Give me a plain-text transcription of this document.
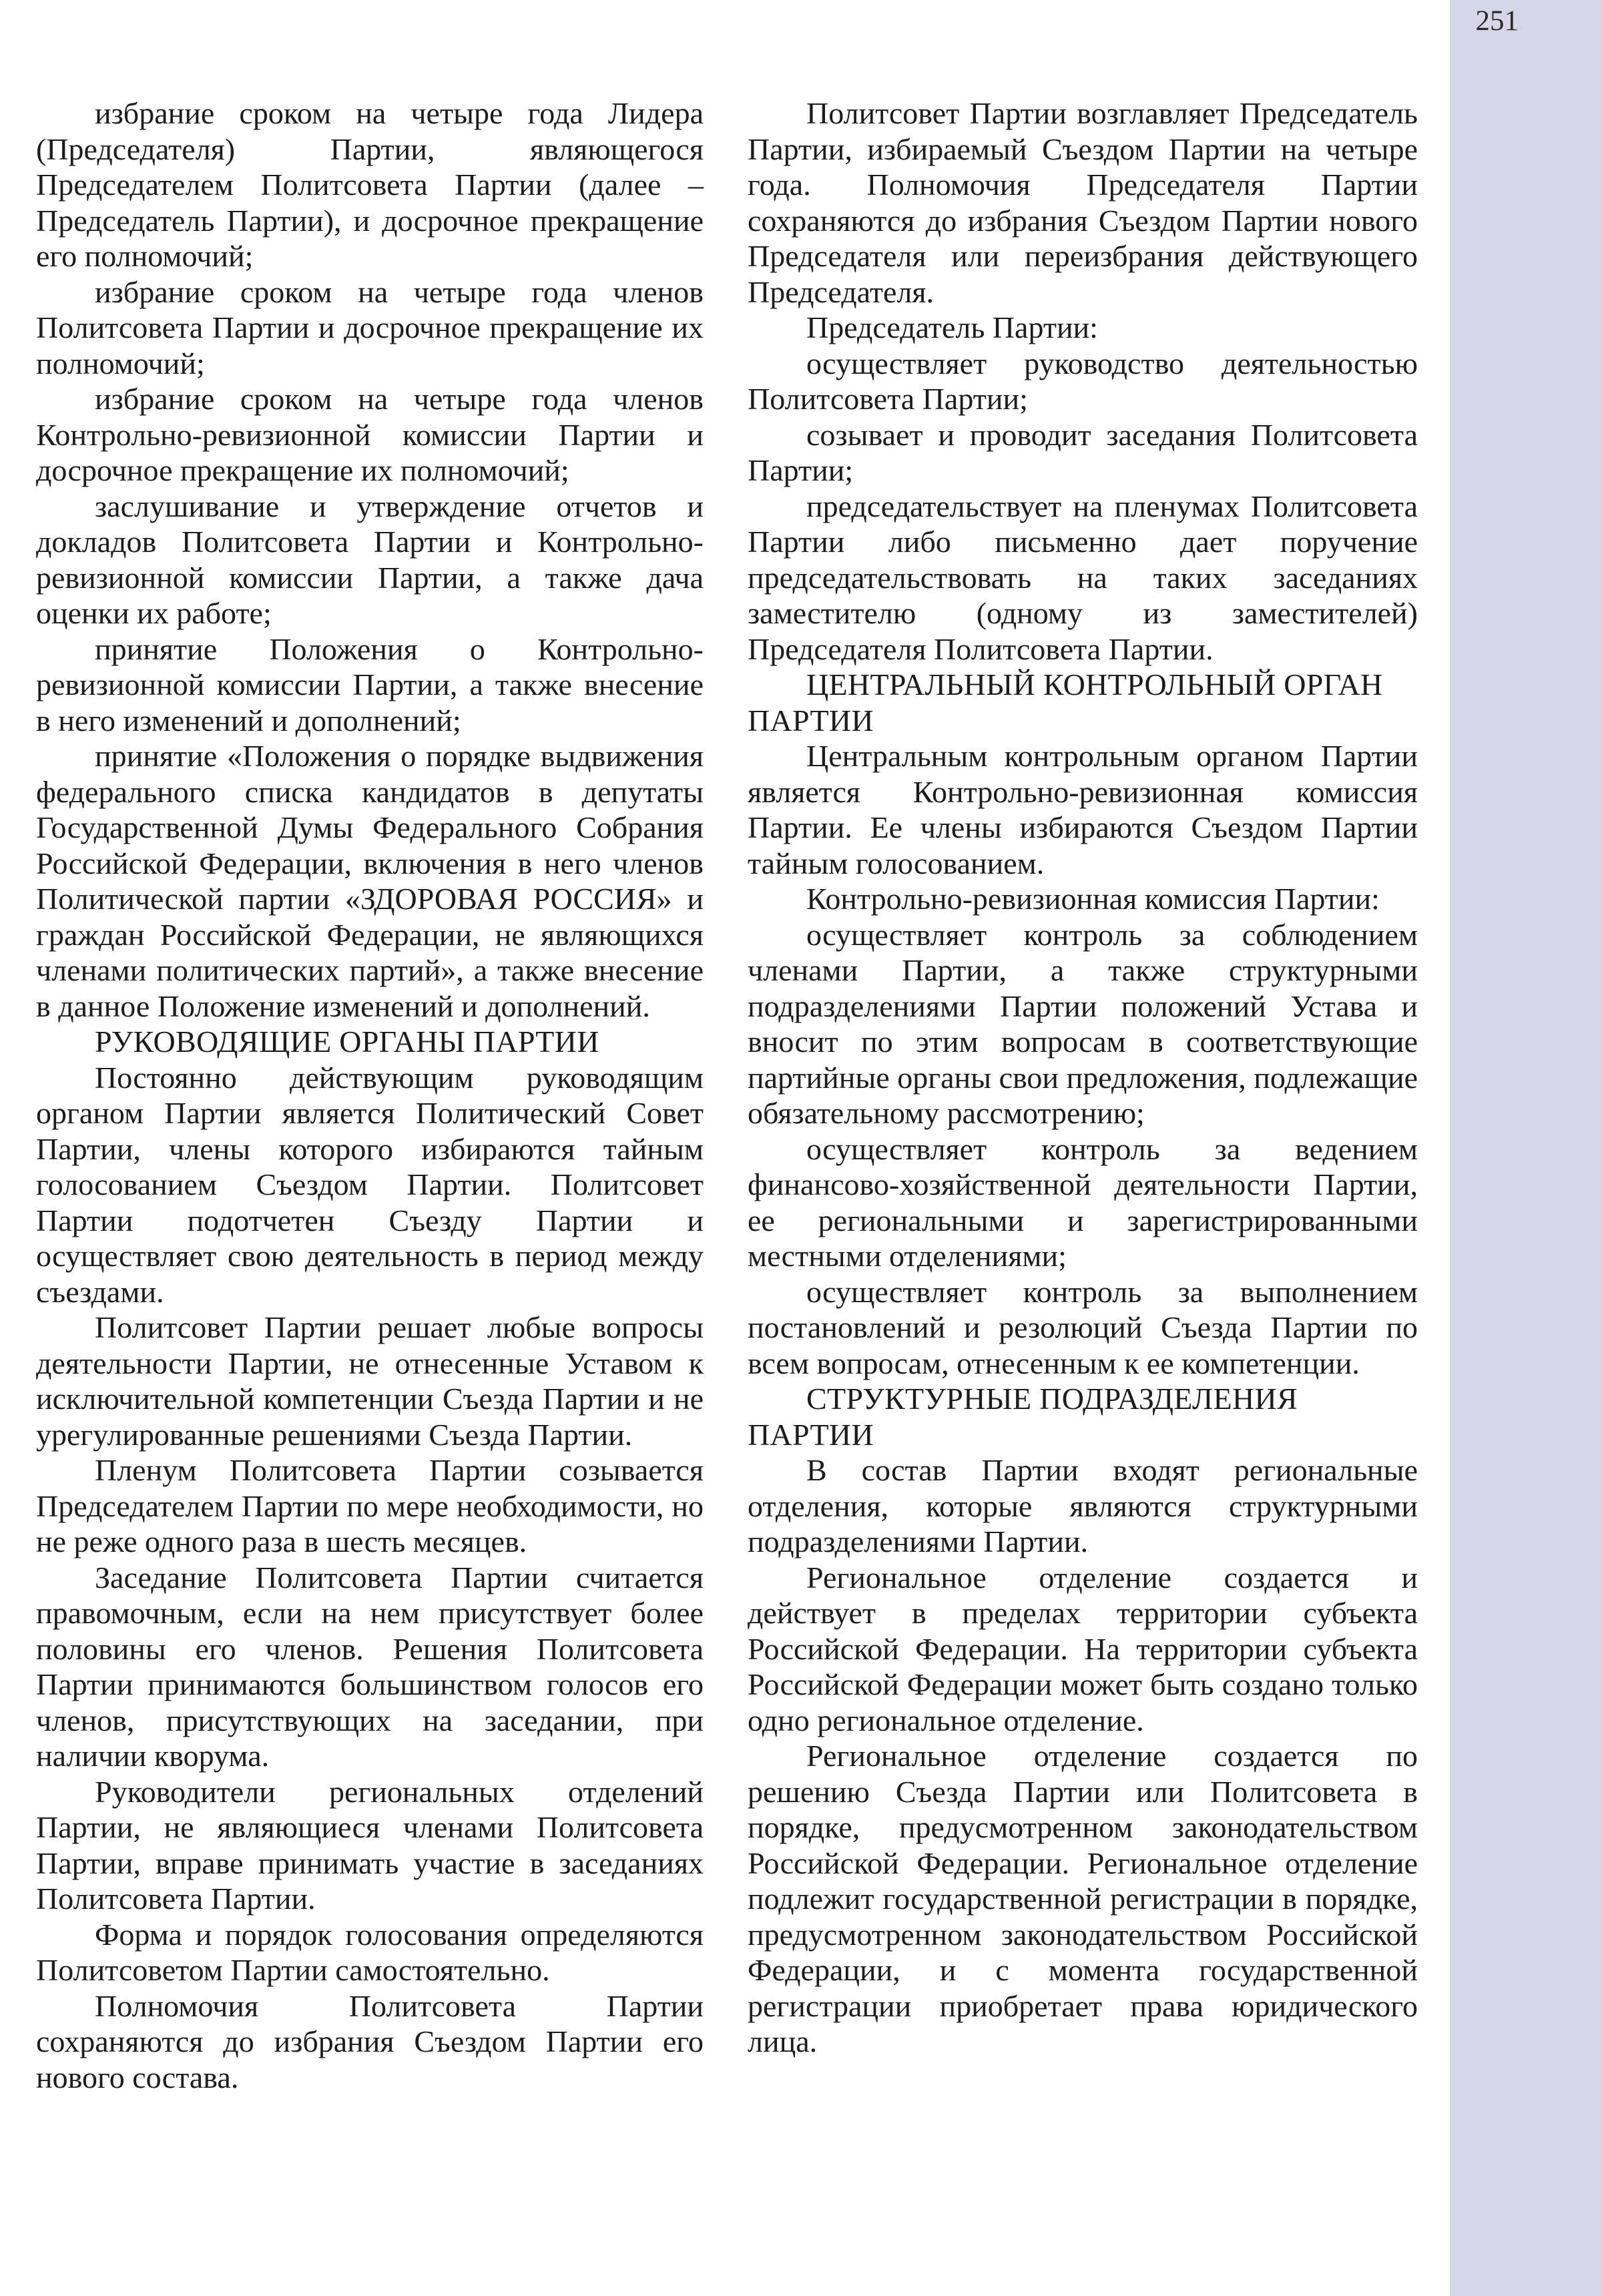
251

избрание сроком на четыре года Лидера (Председателя) Партии, являющегося Председателем Политсовета Партии (далее – Председатель Партии), и досрочное прекращение его полномочий;

избрание сроком на четыре года членов Политсовета Партии и досрочное прекращение их полномочий;

избрание сроком на четыре года членов Контрольно-ревизионной комиссии Партии и досрочное прекращение их полномочий;

заслушивание и утверждение отчетов и докладов Политсовета Партии и Контрольно-ревизионной комиссии Партии, а также дача оценки их работе;

принятие Положения о Контрольно-ревизионной комиссии Партии, а также внесение в него изменений и дополнений;

принятие «Положения о порядке выдвижения федерального списка кандидатов в депутаты Государственной Думы Федерального Собрания Российской Федерации, включения в него членов Политической партии «ЗДОРОВАЯ РОССИЯ» и граждан Российской Федерации, не являющихся членами политических партий», а также внесение в данное Положение изменений и дополнений.

РУКОВОДЯЩИЕ ОРГАНЫ ПАРТИИ

Постоянно действующим руководящим органом Партии является Политический Совет Партии, члены которого избираются тайным голосованием Съездом Партии. Политсовет Партии подотчетен Съезду Партии и осуществляет свою деятельность в период между съездами.

Политсовет Партии решает любые вопросы деятельности Партии, не отнесенные Уставом к исключительной компетенции Съезда Партии и не урегулированные решениями Съезда Партии.

Пленум Политсовета Партии созывается Председателем Партии по мере необходимости, но не реже одного раза в шесть месяцев.

Заседание Политсовета Партии считается правомочным, если на нем присутствует более половины его членов. Решения Политсовета Партии принимаются большинством голосов его членов, присутствующих на заседании, при наличии кворума.

Руководители региональных отделений Партии, не являющиеся членами Политсовета Партии, вправе принимать участие в заседаниях Политсовета Партии.

Форма и порядок голосования определяются Политсоветом Партии самостоятельно.

Полномочия Политсовета Партии сохраняются до избрания Съездом Партии его нового состава.

Политсовет Партии возглавляет Председатель Партии, избираемый Съездом Партии на четыре года. Полномочия Председателя Партии сохраняются до избрания Съездом Партии нового Председателя или переизбрания действующего Председателя.

Председатель Партии:

осуществляет руководство деятельностью Политсовета Партии;

созывает и проводит заседания Политсовета Партии;

председательствует на пленумах Политсовета Партии либо письменно дает поручение председательствовать на таких заседаниях заместителю (одному из заместителей) Председателя Политсовета Партии.

ЦЕНТРАЛЬНЫЙ КОНТРОЛЬНЫЙ ОРГАН ПАРТИИ

Центральным контрольным органом Партии является Контрольно-ревизионная комиссия Партии. Ее члены избираются Съездом Партии тайным голосованием.

Контрольно-ревизионная комиссия Партии:

осуществляет контроль за соблюдением членами Партии, а также структурными подразделениями Партии положений Устава и вносит по этим вопросам в соответствующие партийные органы свои предложения, подлежащие обязательному рассмотрению;

осуществляет контроль за ведением финансово-хозяйственной деятельности Партии, ее региональными и зарегистрированными местными отделениями;

осуществляет контроль за выполнением постановлений и резолюций Съезда Партии по всем вопросам, отнесенным к ее компетенции.

СТРУКТУРНЫЕ ПОДРАЗДЕЛЕНИЯ ПАРТИИ

В состав Партии входят региональные отделения, которые являются структурными подразделениями Партии.

Региональное отделение создается и действует в пределах территории субъекта Российской Федерации. На территории субъекта Российской Федерации может быть создано только одно региональное отделение.

Региональное отделение создается по решению Съезда Партии или Политсовета в порядке, предусмотренном законодательством Российской Федерации. Региональное отделение подлежит государственной регистрации в порядке, предусмотренном законодательством Российской Федерации, и с момента государственной регистрации приобретает права юридического лица.
